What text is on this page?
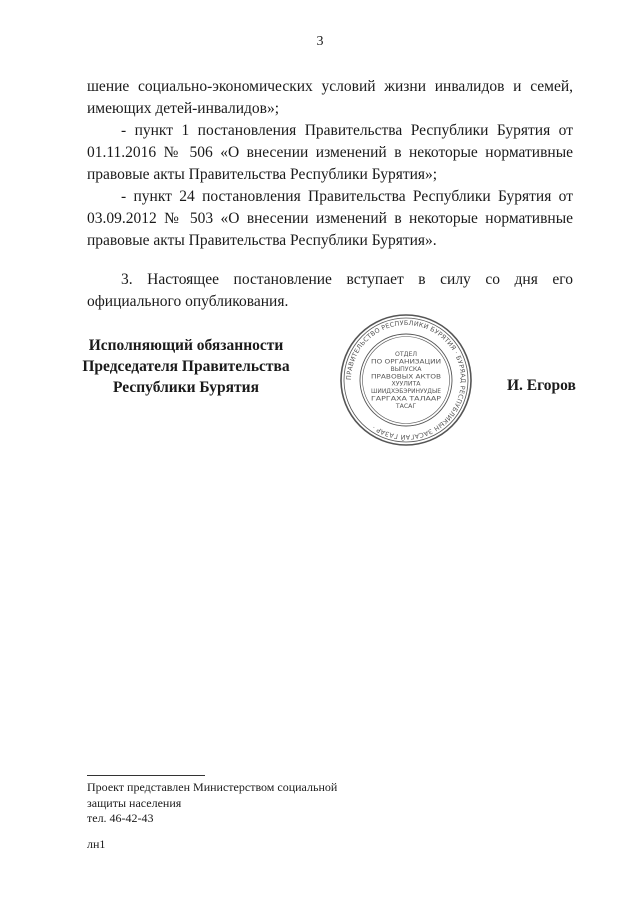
3

шение социально-экономических условий жизни инвалидов и семей, имеющих детей-инвалидов»;

- пункт 1 постановления Правительства Республики Бурятия от 01.11.2016 № 506 «О внесении изменений в некоторые нормативные правовые акты Правительства Республики Бурятия»;

- пункт 24 постановления Правительства Республики Бурятия от 03.09.2012 № 503 «О внесении изменений в некоторые нормативные правовые акты Правительства Республики Бурятия».

3. Настоящее постановление вступает в силу со дня его официального опубликования.

Исполняющий обязанности
Председателя Правительства
Республики Бурятия
ПРАВИТЕЛЬСТВО РЕСПУБЛИКИ БУРЯТИЯ · БУРЯАД РЕСПУБЛИКЫН ЗАСАГАЙ ГАЗАР ·
ОТДЕЛ
ПО ОРГАНИЗАЦИИ
ВЫПУСКА
ПРАВОВЫХ АКТОВ
ХУУЛИТА
ШИИДХЭБЭРИНУУДЫЕ
ГАРГАХА ТАЛААР
ТАСАГ
И. Егоров
Проект представлен Министерством социальной
защиты населения
тел. 46-42-43
лн1
